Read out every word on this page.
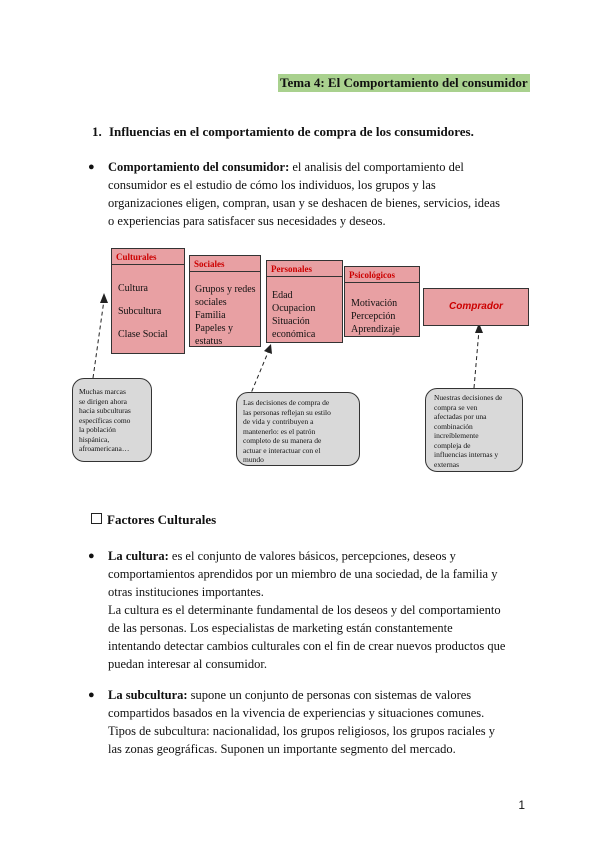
Tema 4: El Comportamiento del consumidor
1. Influencias en el comportamiento de compra de los consumidores.
● Comportamiento del consumidor: el analisis del comportamiento del
consumidor es el estudio de cómo los individuos, los grupos y las
organizaciones eligen, compran, usan y se deshacen de bienes, servicios, ideas
o experiencias para satisfacer sus necesidades y deseos.
Culturales
Cultura
Subcultura
Clase Social
Sociales
Grupos y redes
sociales
Familia
Papeles y
estatus
Personales
Edad
Ocupacion
Situación
económica
Psicológicos
Motivación
Percepción
Aprendizaje
Comprador
Muchas marcas
se dirigen ahora
hacia subculturas
específicas como
la población
hispánica,
afroamericana…
Las decisiones de compra de
las personas reflejan su estilo
de vida y contribuyen a
mantenerlo: es el patrón
completo de su manera de
actuar e interactuar con el
mundo
Nuestras decisiones de
compra se ven
afectadas por una
combinación
increíblemente
compleja de
influencias internas y
externas
Factores Culturales
● La cultura: es el conjunto de valores básicos, percepciones, deseos y
comportamientos aprendidos por un miembro de una sociedad, de la familia y
otras instituciones importantes.
La cultura es el determinante fundamental de los deseos y del comportamiento
de las personas. Los especialistas de marketing están constantemente
intentando detectar cambios culturales con el fin de crear nuevos productos que
puedan interesar al consumidor.
● La subcultura: supone un conjunto de personas con sistemas de valores
compartidos basados en la vivencia de experiencias y situaciones comunes.
Tipos de subcultura: nacionalidad, los grupos religiosos, los grupos raciales y
las zonas geográficas. Suponen un importante segmento del mercado.
1
